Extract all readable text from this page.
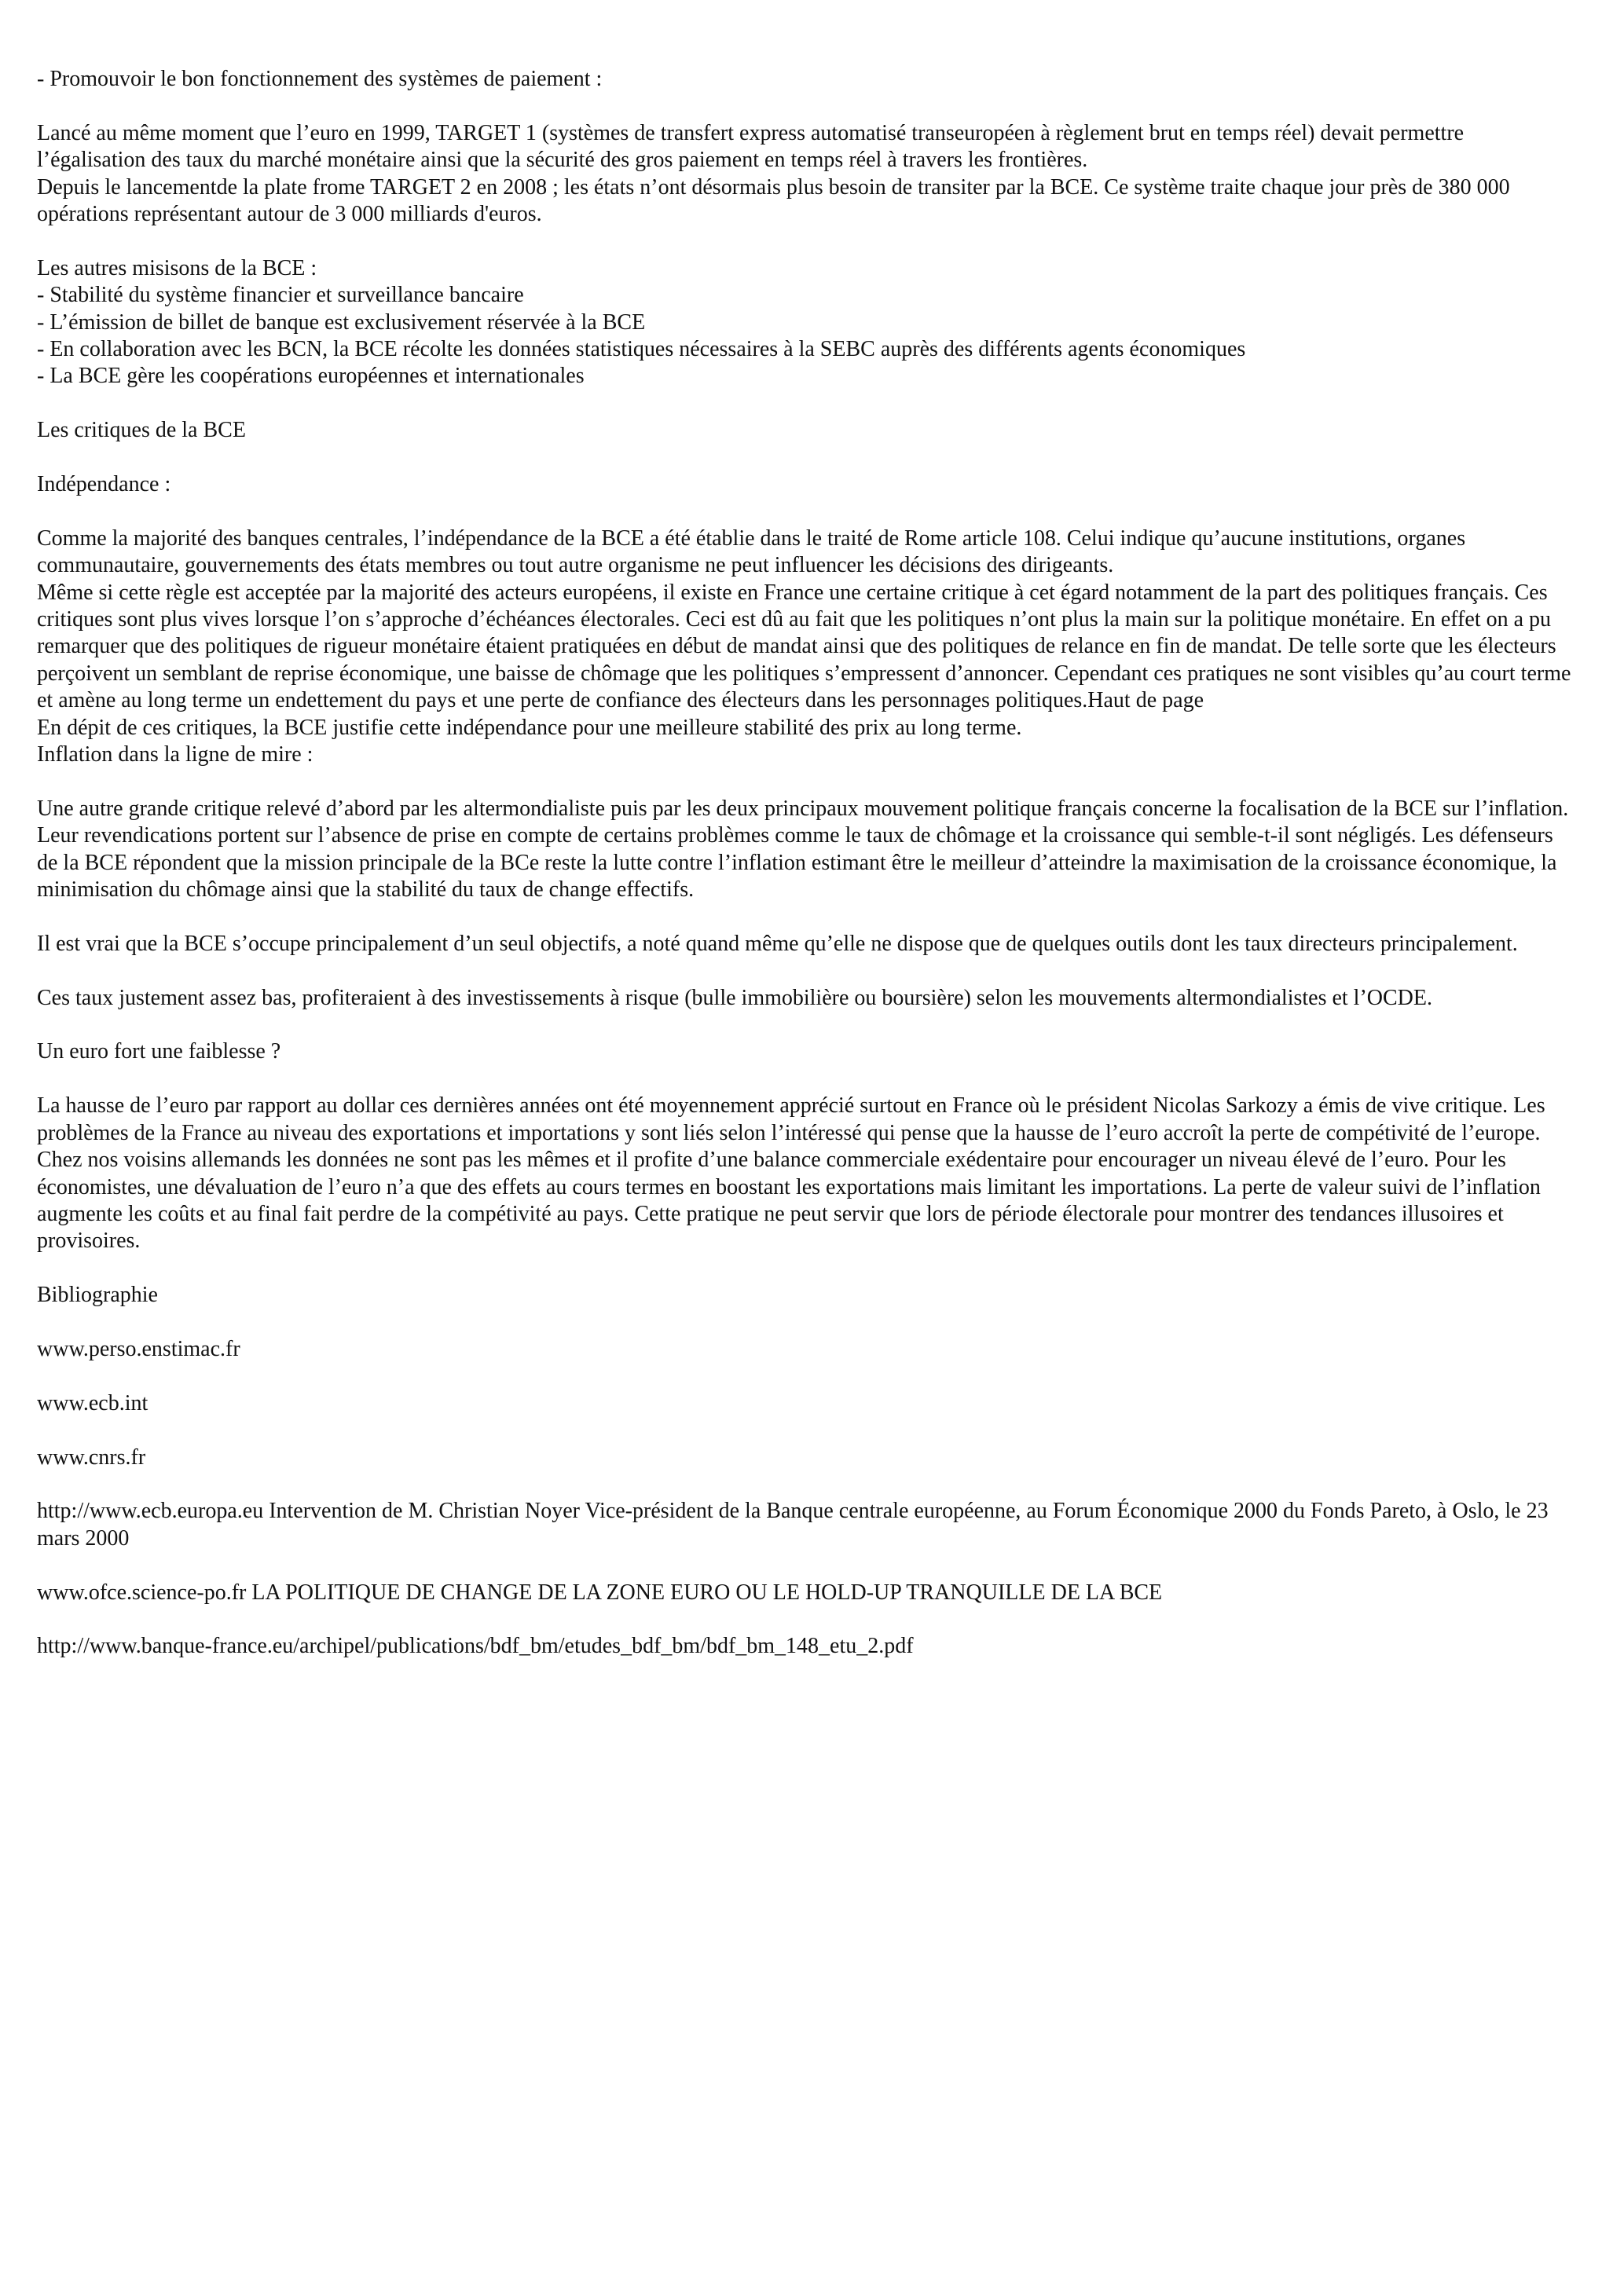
- Promouvoir le bon fonctionnement des systèmes de paiement :

Lancé au même moment que l’euro en 1999, TARGET 1 (systèmes de transfert express automatisé transeuropéen à règlement brut en temps réel) devait permettre l’égalisation des taux du marché monétaire ainsi que la sécurité des gros paiement en temps réel à travers les frontières.
Depuis le lancementde la plate frome TARGET 2 en 2008 ; les états n’ont désormais plus besoin de transiter par la BCE. Ce système traite chaque jour près de 380 000 opérations représentant autour de 3 000 milliards d'euros.
Les autres misisons de la BCE :
- Stabilité du système financier et surveillance bancaire
- L’émission de billet de banque est exclusivement réservée à la BCE
- En collaboration avec les BCN, la BCE récolte les données statistiques nécessaires à la SEBC auprès des différents agents économiques
- La BCE gère les coopérations européennes et internationales

Les critiques de la BCE

Indépendance :

Comme la majorité des banques centrales, l’indépendance de la BCE a été établie dans le traité de Rome article 108. Celui indique qu’aucune institutions, organes communautaire, gouvernements des états membres ou tout autre organisme ne peut influencer les décisions des dirigeants.
Même si cette règle est acceptée par la majorité des acteurs européens, il existe en France une certaine critique à cet égard notamment de la part des politiques français. Ces critiques sont plus vives lorsque l’on s’approche d’échéances électorales. Ceci est dû au fait que les politiques n’ont plus la main sur la politique monétaire. En effet on a pu remarquer que des politiques de rigueur monétaire étaient pratiquées en début de mandat ainsi que des politiques de relance en fin de mandat. De telle sorte que les électeurs perçoivent un semblant de reprise économique, une baisse de chômage que les politiques s’empressent d’annoncer. Cependant ces pratiques ne sont visibles qu’au court terme et amène au long terme un endettement du pays et une perte de confiance des électeurs dans les personnages politiques.Haut de page
En dépit de ces critiques, la BCE justifie cette indépendance pour une meilleure stabilité des prix au long terme.
Inflation dans la ligne de mire :

Une autre grande critique relevé d’abord par les altermondialiste puis par les deux principaux mouvement politique français concerne la focalisation de la BCE sur l’inflation. Leur revendications portent sur l’absence de prise en compte de certains problèmes comme le taux de chômage et la croissance qui semble-t-il sont négligés. Les défenseurs de la BCE répondent que la mission principale de la BCe reste la lutte contre l’inflation estimant être le meilleur d’atteindre la maximisation de la croissance économique, la minimisation du chômage ainsi que la stabilité du taux de change effectifs.

Il est vrai que la BCE s’occupe principalement d’un seul objectifs, a noté quand même qu’elle ne dispose que de quelques outils dont les taux directeurs principalement.

Ces taux justement assez bas, profiteraient à des investissements à risque (bulle immobilière ou boursière) selon les mouvements altermondialistes et l’OCDE.

Un euro fort une faiblesse ?

La hausse de l’euro par rapport au dollar ces dernières années ont été moyennement apprécié surtout en France où le président Nicolas Sarkozy a émis de vive critique. Les problèmes de la France au niveau des exportations et importations y sont liés selon l’intéressé qui pense que la hausse de l’euro accroît la perte de compétivité de l’europe. Chez nos voisins allemands les données ne sont pas les mêmes et il profite d’une balance commerciale exédentaire pour encourager un niveau élevé de l’euro. Pour les économistes, une dévaluation de l’euro n’a que des effets au cours termes en boostant les exportations mais limitant les importations. La perte de valeur suivi de l’inflation augmente les coûts et au final fait perdre de la compétivité au pays. Cette pratique ne peut servir que lors de période électorale pour montrer des tendances illusoires et provisoires.

Bibliographie

www.perso.enstimac.fr

www.ecb.int

www.cnrs.fr

http://www.ecb.europa.eu Intervention de M. Christian Noyer Vice-président de la Banque centrale européenne, au Forum Économique 2000 du Fonds Pareto, à Oslo, le 23 mars 2000

www.ofce.science-po.fr LA POLITIQUE DE CHANGE DE LA ZONE EURO OU LE HOLD-UP TRANQUILLE DE LA BCE

http://www.banque-france.eu/archipel/publications/bdf_bm/etudes_bdf_bm/bdf_bm_148_etu_2.pdf
